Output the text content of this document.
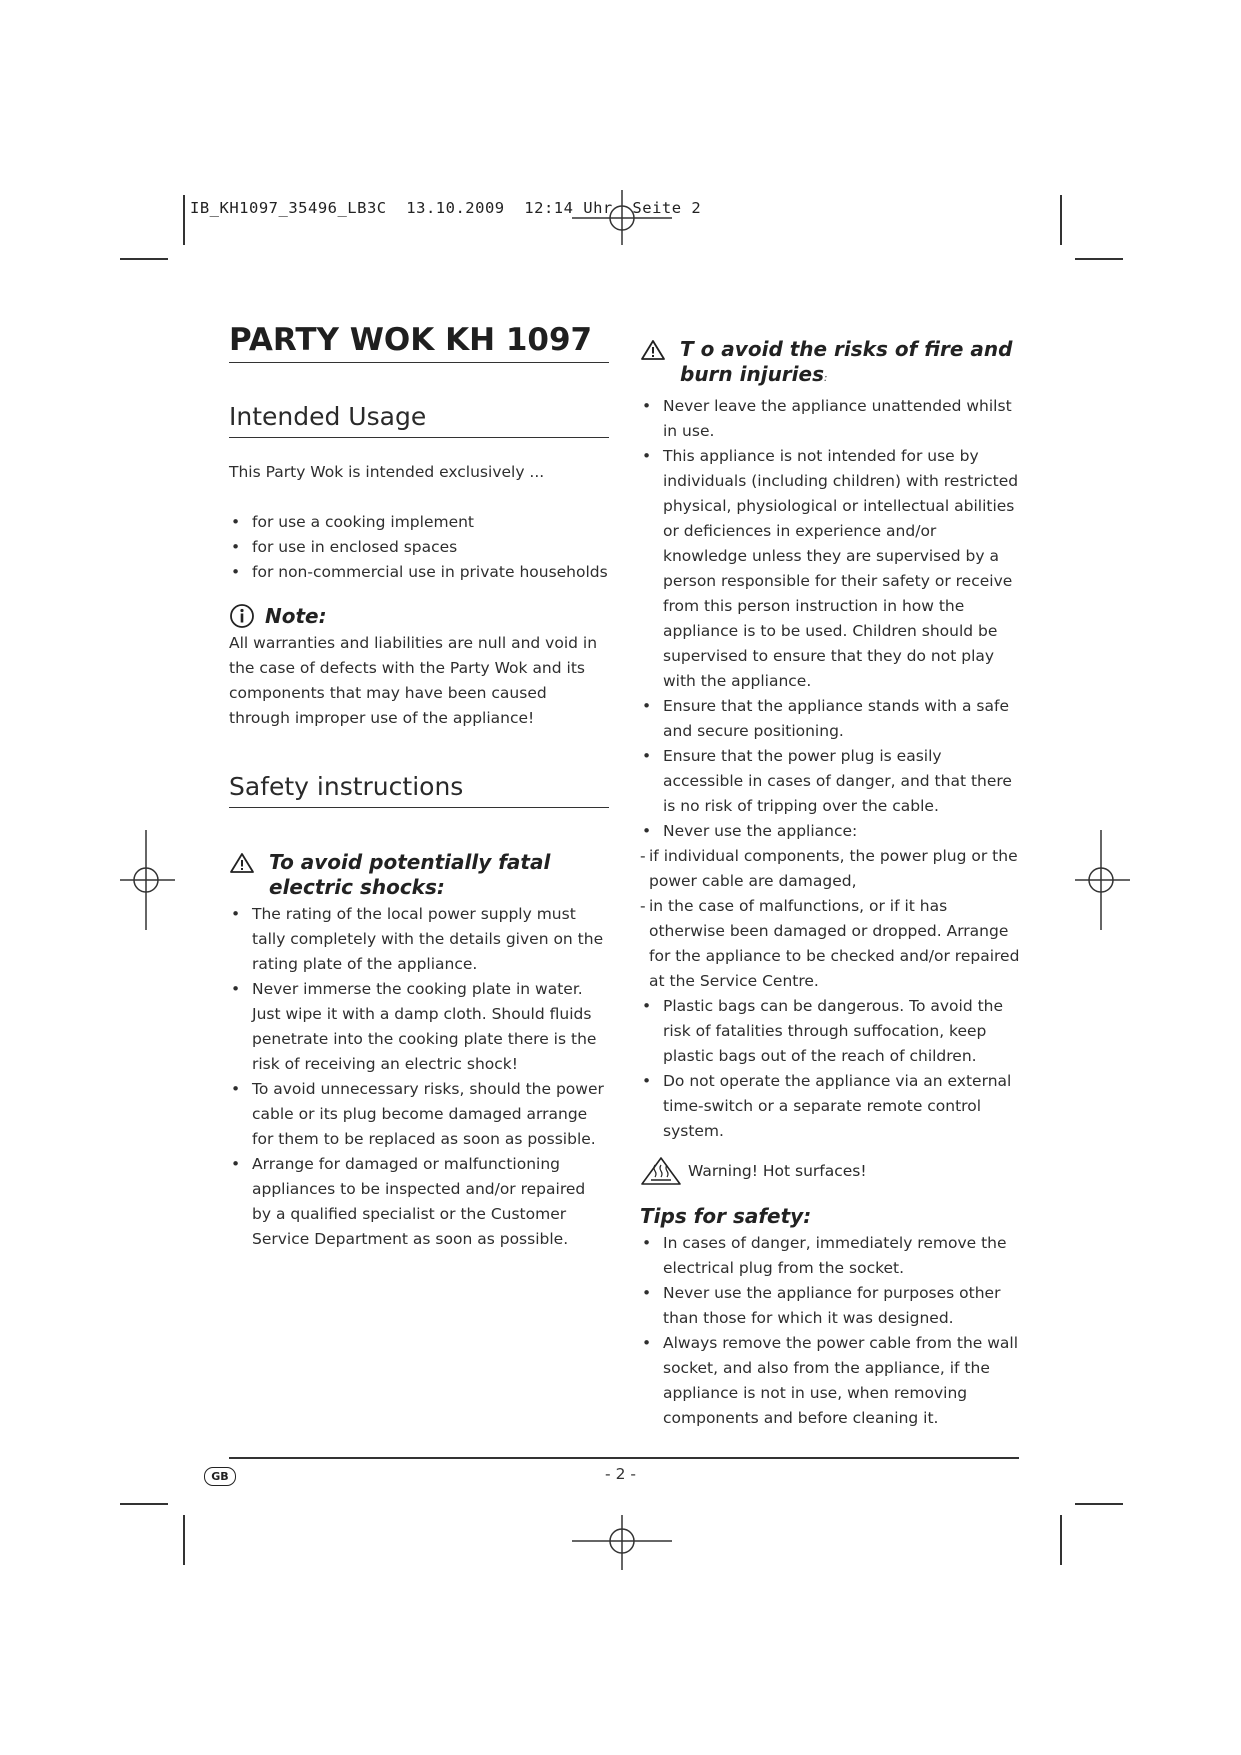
IB_KH1097_35496_LB3C  13.10.2009  12:14 Uhr  Seite 2
PARTY WOK KH 1097
Intended Usage

This Party Wok is intended exclusively ...

• for use a cooking implement
• for use in enclosed spaces
• for non-commercial use in private households
Note:

All warranties and liabilities are null and void in the case of defects with the Party Wok and its components that may have been caused through improper use of the appliance!

Safety instructions
To avoid potentially fatal electric shocks:
• The rating of the local power supply must tally completely with the details given on the rating plate of the appliance.
• Never immerse the cooking plate in water. Just wipe it with a damp cloth. Should fluids penetrate into the cooking plate there is the risk of receiving an electric shock!
• To avoid unnecessary risks, should the power cable or its plug become damaged arrange for them to be replaced as soon as possible.
• Arrange for damaged or malfunctioning appliances to be inspected and/or repaired by a qualified specialist or the Customer Service Department as soon as possible.
T o avoid the risks of fire and burn injuries:
• Never leave the appliance unattended whilst in use.
• This appliance is not intended for use by individuals (including children) with restricted physical, physiological or intellectual abilities or deficiences in experience and/or knowledge unless they are supervised by a person responsible for their safety or receive from this person instruction in how the appliance is to be used. Children should be supervised to ensure that they do not play with the appliance.
• Ensure that the appliance stands with a safe and secure positioning.
• Ensure that the power plug is easily accessible in cases of danger, and that there is no risk of tripping over the cable.
• Never use the appliance:
- if individual components, the power plug or the power cable are damaged,
- in the case of malfunctions, or if it has otherwise been damaged or dropped. Arrange for the appliance to be checked and/or repaired at the Service Centre.
• Plastic bags can be dangerous. To avoid the risk of fatalities through suffocation, keep plastic bags out of the reach of children.
• Do not operate the appliance via an external time-switch or a separate remote control system.
Warning! Hot surfaces!
Tips for safety:
• In cases of danger, immediately remove the electrical plug from the socket.
• Never use the appliance for purposes other than those for which it was designed.
• Always remove the power cable from the wall socket, and also from the appliance, if the appliance is not in use, when removing components and before cleaning it.
GB	- 2 -
